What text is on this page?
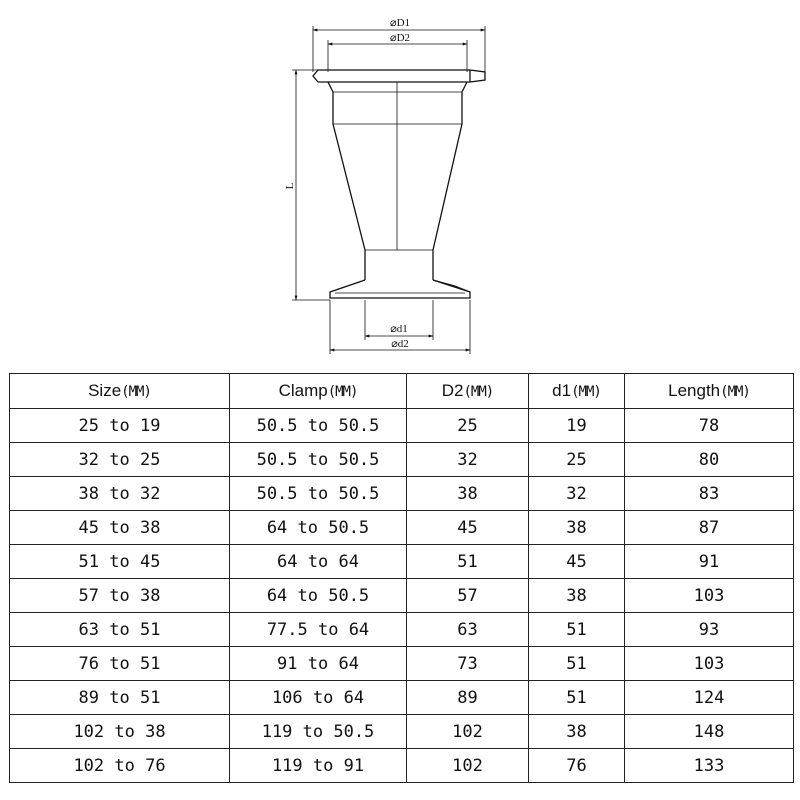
⌀D1
⌀D2
L
⌀d1
⌀d2
Size(MM)	Clamp(MM)	D2(MM)	d1(MM)	Length(MM)
25 to 19	50.5 to 50.5	25	19	78
32 to 25	50.5 to 50.5	32	25	80
38 to 32	50.5 to 50.5	38	32	83
45 to 38	64 to 50.5	45	38	87
51 to 45	64 to 64	51	45	91
57 to 38	64 to 50.5	57	38	103
63 to 51	77.5 to 64	63	51	93
76 to 51	91 to 64	73	51	103
89 to 51	106 to 64	89	51	124
102 to 38	119 to 50.5	102	38	148
102 to 76	119 to 91	102	76	133
